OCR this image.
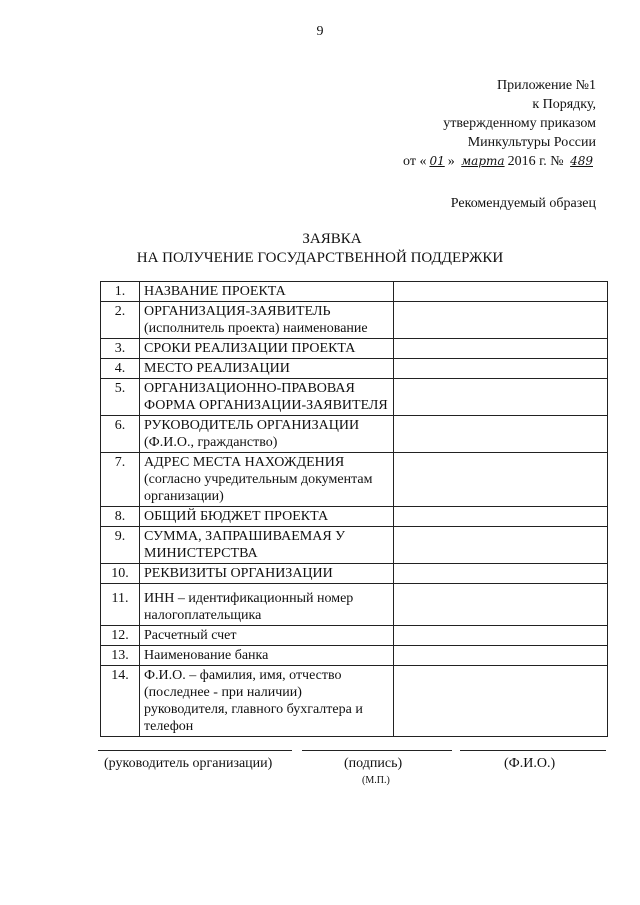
9
Приложение №1
к Порядку,
утвержденному приказом
Минкультуры России
от « 01 » марта 2016 г. № 489
Рекомендуемый образец
ЗАЯВКА
НА ПОЛУЧЕНИЕ ГОСУДАРСТВЕННОЙ ПОДДЕРЖКИ
1.	НАЗВАНИЕ ПРОЕКТА	
2.	ОРГАНИЗАЦИЯ-ЗАЯВИТЕЛЬ (исполнитель проекта) наименование	
3.	СРОКИ РЕАЛИЗАЦИИ ПРОЕКТА	
4.	МЕСТО РЕАЛИЗАЦИИ	
5.	ОРГАНИЗАЦИОННО-ПРАВОВАЯ ФОРМА ОРГАНИЗАЦИИ-ЗАЯВИТЕЛЯ	
6.	РУКОВОДИТЕЛЬ ОРГАНИЗАЦИИ (Ф.И.О., гражданство)	
7.	АДРЕС МЕСТА НАХОЖДЕНИЯ (согласно учредительным документам организации)	
8.	ОБЩИЙ БЮДЖЕТ ПРОЕКТА	
9.	СУММА, ЗАПРАШИВАЕМАЯ У МИНИСТЕРСТВА	
10.	РЕКВИЗИТЫ ОРГАНИЗАЦИИ	
11.	ИНН – идентификационный номер налогоплательщика	
12.	Расчетный счет	
13.	Наименование банка	
14.	Ф.И.О. – фамилия, имя, отчество (последнее - при наличии) руководителя, главного бухгалтера и телефон	
(руководитель организации)	(подпись)	(Ф.И.О.)
(М.П.)
